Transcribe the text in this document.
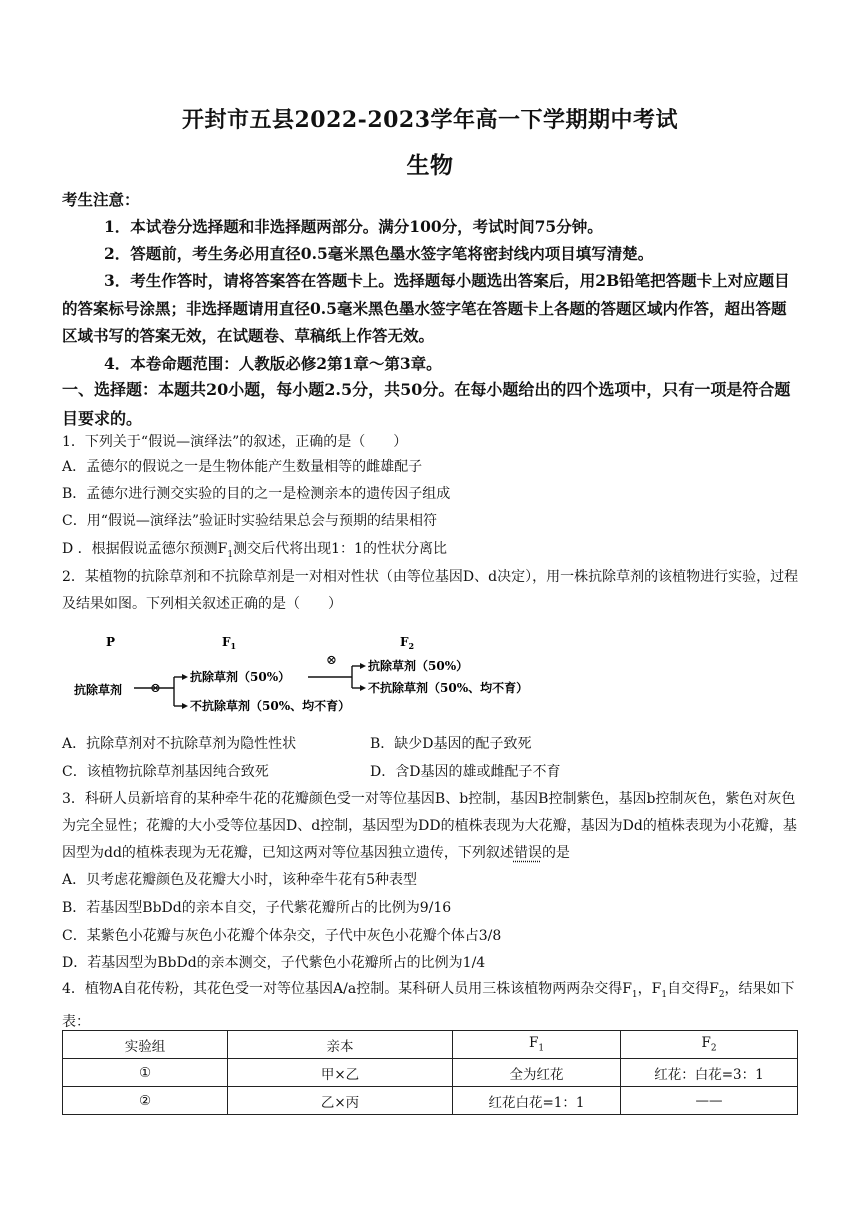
开封市五县2022-2023学年高一下学期期中考试
生物
考生注意：
1．本试卷分选择题和非选择题两部分。满分100分，考试时间75分钟。
2．答题前，考生务必用直径0.5毫米黑色墨水签字笔将密封线内项目填写清楚。
3．考生作答时，请将答案答在答题卡上。选择题每小题选出答案后，用2B铅笔把答题卡上对应题目的答案标号涂黑；非选择题请用直径0.5毫米黑色墨水签字笔在答题卡上各题的答题区域内作答，超出答题区域书写的答案无效，在试题卷、草稿纸上作答无效。
4．本卷命题范围：人教版必修2第1章～第3章。
一、选择题：本题共20小题，每小题2.5分，共50分。在每小题给出的四个选项中，只有一项是符合题目要求的。
1．下列关于“假说—演绎法”的叙述，正确的是（　　）
A．孟德尔的假说之一是生物体能产生数量相等的雌雄配子
B．孟德尔进行测交实验的目的之一是检测亲本的遗传因子组成
C．用“假说—演绎法”验证时实验结果总会与预期的结果相符
D ．根据假说孟德尔预测$F_1$测交后代将出现1：1的性状分离比
2．某植物的抗除草剂和不抗除草剂是一对相对性状（由等位基因D、d决定），用一株抗除草剂的该植物进行实验，过程及结果如图。下列相关叙述正确的是（　　）
P	$F_1$	$F_2$
抗除草剂 ⊗
抗除草剂（50%）
不抗除草剂（50%、均不育）
⊗	抗除草剂（50%）
不抗除草剂（50%、均不育）
A．抗除草剂对不抗除草剂为隐性性状	B．缺少D基因的配子致死
C．该植物抗除草剂基因纯合致死	D．含D基因的雄或雌配子不育
3．科研人员新培育的某种牵牛花的花瓣颜色受一对等位基因B、b控制，基因B控制紫色，基因b控制灰色，紫色对灰色为完全显性；花瓣的大小受等位基因D、d控制，基因型为DD的植株表现为大花瓣，基因为Dd的植株表现为小花瓣，基因型为dd的植株表现为无花瓣，已知这两对等位基因独立遗传，下列叙述错误的是
A．贝考虑花瓣颜色及花瓣大小时，该种牵牛花有5种表型
B．若基因型BbDd的亲本自交，子代紫花瓣所占的比例为9/16
C．某紫色小花瓣与灰色小花瓣个体杂交，子代中灰色小花瓣个体占3/8
D．若基因型为BbDd的亲本测交，子代紫色小花瓣所占的比例为1/4
4．植物A自花传粉，其花色受一对等位基因A/a控制。某科研人员用三株该植物两两杂交得$F_1$，$F_1$自交得$F_2$，结果如下表：
实验组	亲本	$F_1$	$F_2$
①	甲×乙	全为红花	红花：白花=3：1
②	乙×丙	红花白花=1：1	——
